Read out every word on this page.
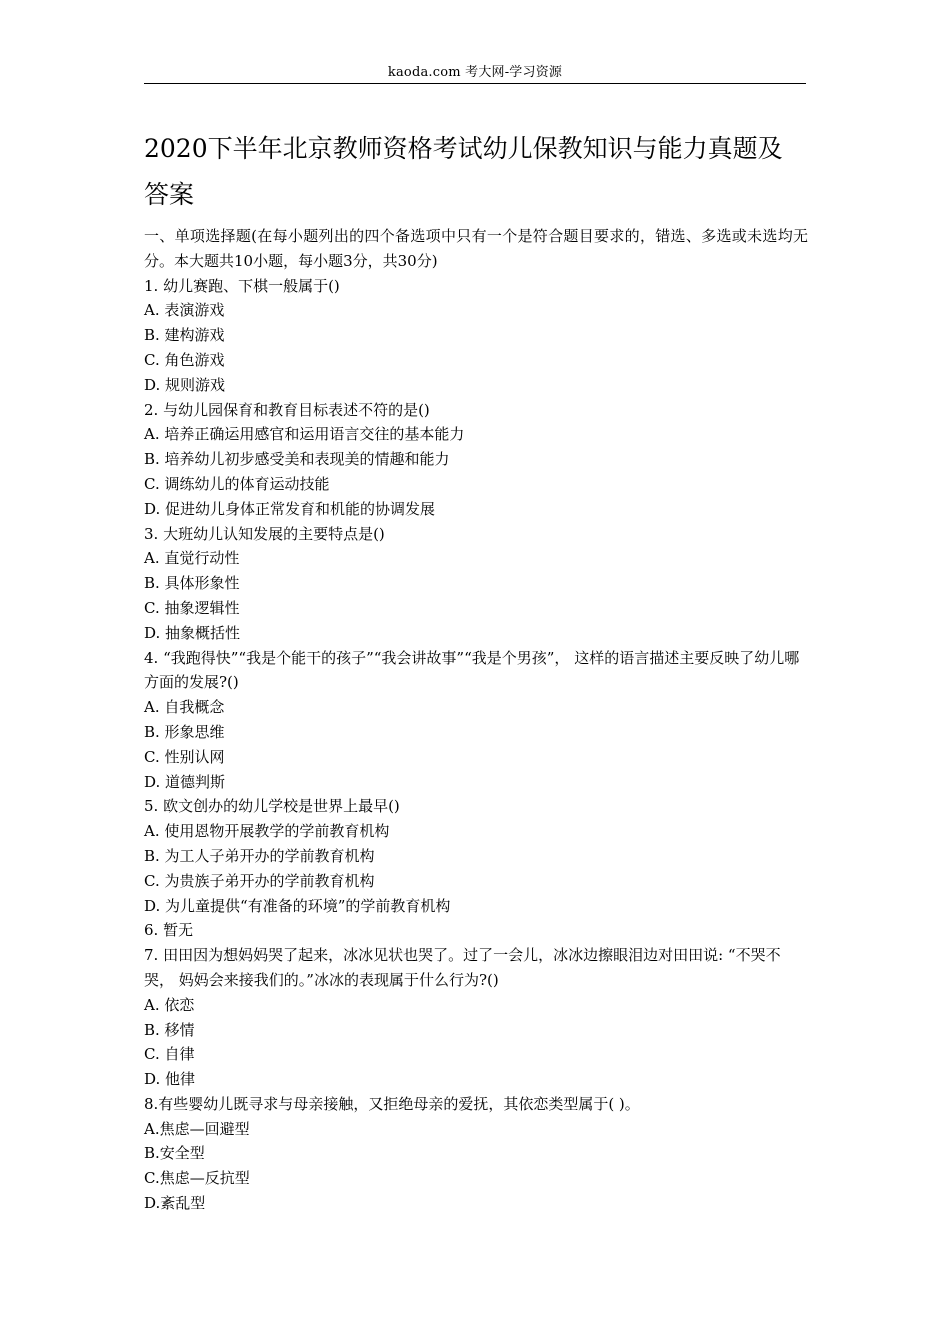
kaoda.com 考大网-学习资源
2020下半年北京教师资格考试幼儿保教知识与能力真题及答案

一、单项选择题(在每小题列出的四个备选项中只有一个是符合题目要求的，错选、多选或未选均无分。本大题共10小题，每小题3分，共30分)

1. 幼儿赛跑、下棋一般属于()

A. 表演游戏

B. 建构游戏

C. 角色游戏

D. 规则游戏

2. 与幼儿园保育和教育目标表述不符的是()

A. 培养正确运用感官和运用语言交往的基本能力

B. 培养幼儿初步感受美和表现美的情趣和能力

C. 调练幼儿的体育运动技能

D. 促进幼儿身体正常发育和机能的协调发展

3. 大班幼儿认知发展的主要特点是()

A. 直觉行动性

B. 具体形象性

C. 抽象逻辑性

D. 抽象概括性

4. “我跑得快”“我是个能干的孩子”“我会讲故事”“我是个男孩”， 这样的语言描述主要反映了幼儿哪方面的发展?()

A. 自我概念

B. 形象思维

C. 性别认网

D. 道德判斯

5. 欧文创办的幼儿学校是世界上最早()

A. 使用恩物开展教学的学前教育机构

B. 为工人子弟开办的学前教育机构

C. 为贵族子弟开办的学前教育机构

D. 为儿童提供“有准备的环境”的学前教育机构

6. 暂无

7. 田田因为想妈妈哭了起来，冰冰见状也哭了。过了一会儿，冰冰边擦眼泪边对田田说: “不哭不哭， 妈妈会来接我们的。”冰冰的表现属于什么行为?()

A. 依恋

B. 移情

C. 自律

D. 他律

8.有些婴幼儿既寻求与母亲接触，又拒绝母亲的爱抚，其依恋类型属于( )。

A.焦虑—回避型

B.安全型

C.焦虑—反抗型

D.紊乱型
